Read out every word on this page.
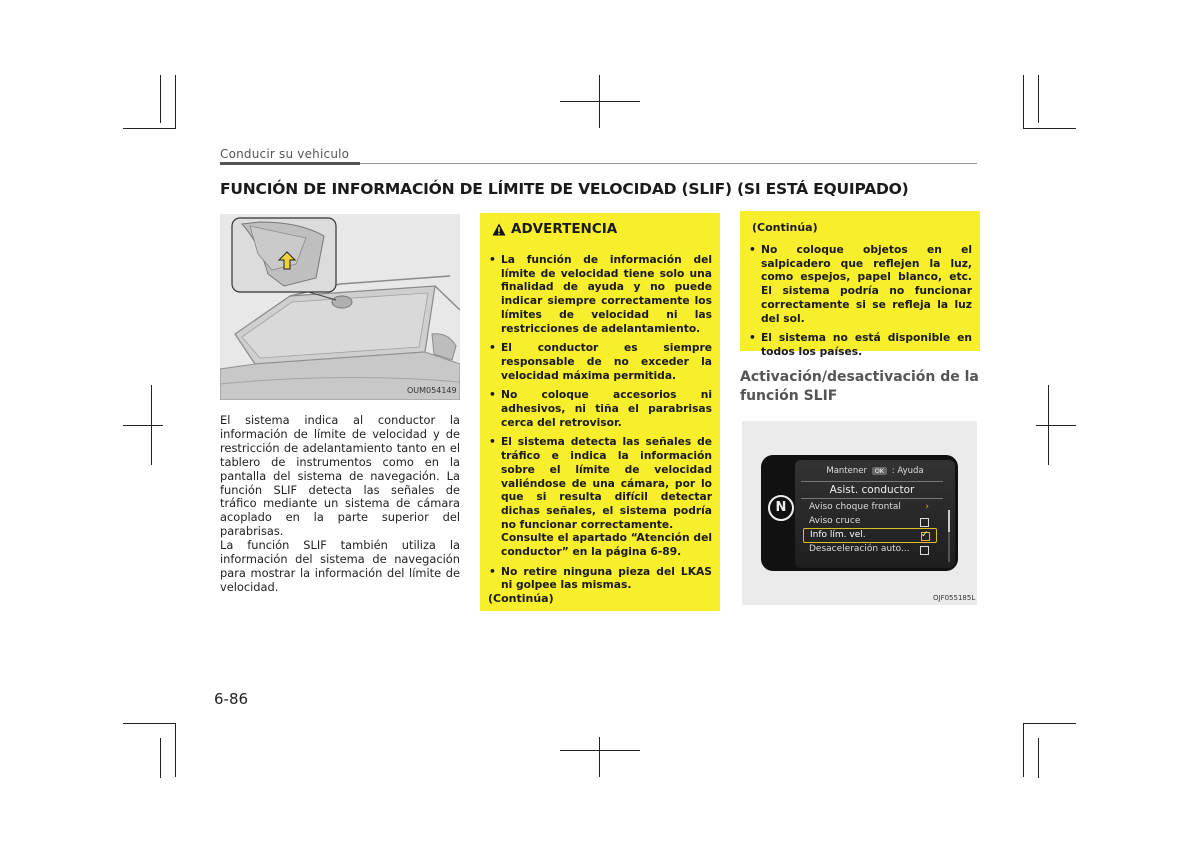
Conducir su vehiculo
FUNCIÓN DE INFORMACIÓN DE LÍMITE DE VELOCIDAD (SLIF) (SI ESTÁ EQUIPADO)
OUM054149

El sistema indica al conductor la información de límite de velocidad y de restricción de adelantamiento tanto en el tablero de instrumentos como en la pantalla del sistema de navegación. La función SLIF detecta las señales de tráfico mediante un sistema de cámara acoplado en la parte superior del parabrisas.

La función SLIF también utiliza la información del sistema de navegación para mostrar la información del límite de velocidad.

ADVERTENCIA
• La función de información del límite de velocidad tiene solo una finalidad de ayuda y no puede indicar siempre correctamente los límites de velocidad ni las restricciones de adelantamiento.
• El conductor es siempre responsable de no exceder la velocidad máxima permitida.
• No coloque accesorios ni adhesivos, ni tiña el parabrisas cerca del retrovisor.
• El sistema detecta las señales de tráfico e indica la información sobre el límite de velocidad valiéndose de una cámara, por lo que si resulta difícil detectar dichas señales, el sistema podría no funcionar correctamente.
Consulte el apartado “Atención del conductor” en la página 6-89.
• No retire ninguna pieza del LKAS ni golpee las mismas.
(Continúa)
(Continúa)
• No coloque objetos en el salpicadero que reflejen la luz, como espejos, papel blanco, etc. El sistema podría no funcionar correctamente si se refleja la luz del sol.
• El sistema no está disponible en todos los países.
Activación/desactivación de la función SLIF
N
Mantener OK : Ayuda
Asist. conductor
Aviso choque frontal	›
Aviso cruce
Info lím. vel.	✓
Desaceleración auto...
OJF055185L
6-86
